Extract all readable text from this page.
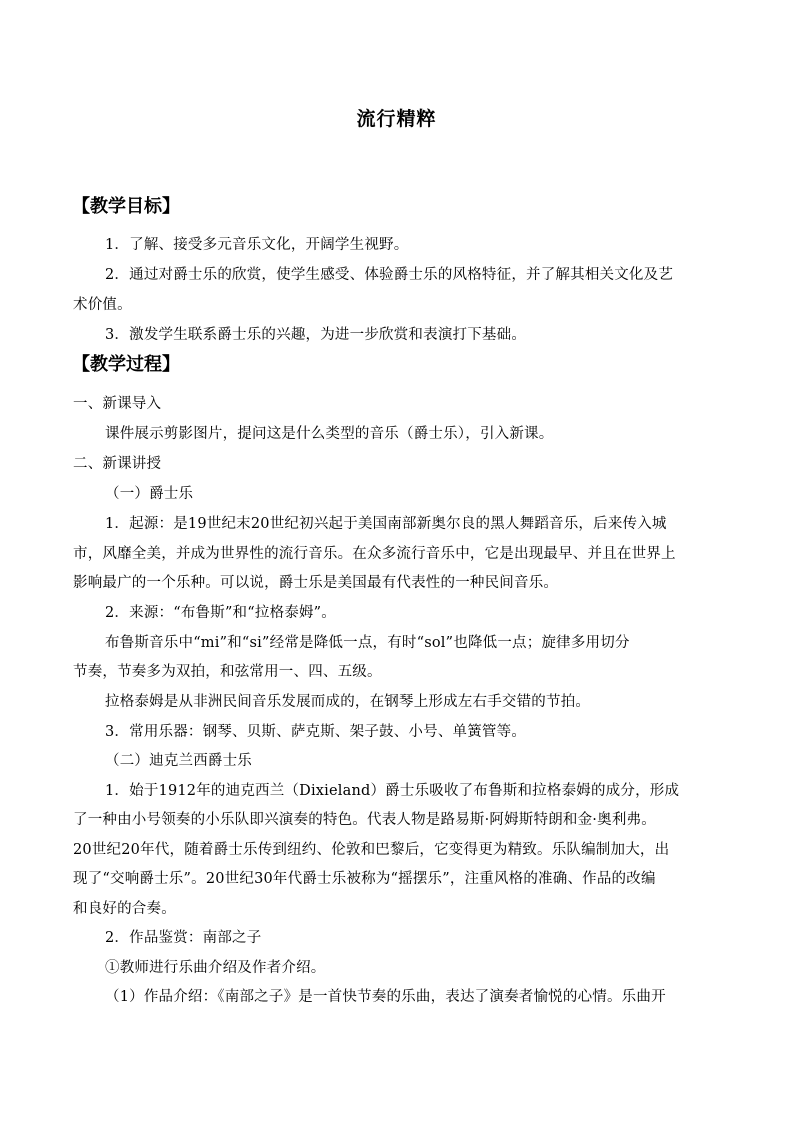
流行精粹
【教学目标】
1．了解、接受多元音乐文化，开阔学生视野。
2．通过对爵士乐的欣赏，使学生感受、体验爵士乐的风格特征，并了解其相关文化及艺
术价值。
3．激发学生联系爵士乐的兴趣，为进一步欣赏和表演打下基础。
【教学过程】
一、新课导入
课件展示剪影图片，提问这是什么类型的音乐（爵士乐），引入新课。
二、新课讲授
（一）爵士乐
1．起源：是19世纪末20世纪初兴起于美国南部新奥尔良的黑人舞蹈音乐，后来传入城
市，风靡全美，并成为世界性的流行音乐。在众多流行音乐中，它是出现最早、并且在世界上
影响最广的一个乐种。可以说，爵士乐是美国最有代表性的一种民间音乐。
2．来源：“布鲁斯”和“拉格泰姆”。
布鲁斯音乐中“mi”和“si”经常是降低一点，有时“sol”也降低一点；旋律多用切分
节奏，节奏多为双拍，和弦常用一、四、五级。
拉格泰姆是从非洲民间音乐发展而成的，在钢琴上形成左右手交错的节拍。
3．常用乐器：钢琴、贝斯、萨克斯、架子鼓、小号、单簧管等。
（二）迪克兰西爵士乐
1．始于1912年的迪克西兰（Dixieland）爵士乐吸收了布鲁斯和拉格泰姆的成分，形成
了一种由小号领奏的小乐队即兴演奏的特色。代表人物是路易斯·阿姆斯特朗和金·奥利弗。
20世纪20年代，随着爵士乐传到纽约、伦敦和巴黎后，它变得更为精致。乐队编制加大，出
现了“交响爵士乐”。20世纪30年代爵士乐被称为“摇摆乐”，注重风格的准确、作品的改编
和良好的合奏。
2．作品鉴赏：南部之子
①教师进行乐曲介绍及作者介绍。
（1）作品介绍：《南部之子》是一首快节奏的乐曲，表达了演奏者愉悦的心情。乐曲开
